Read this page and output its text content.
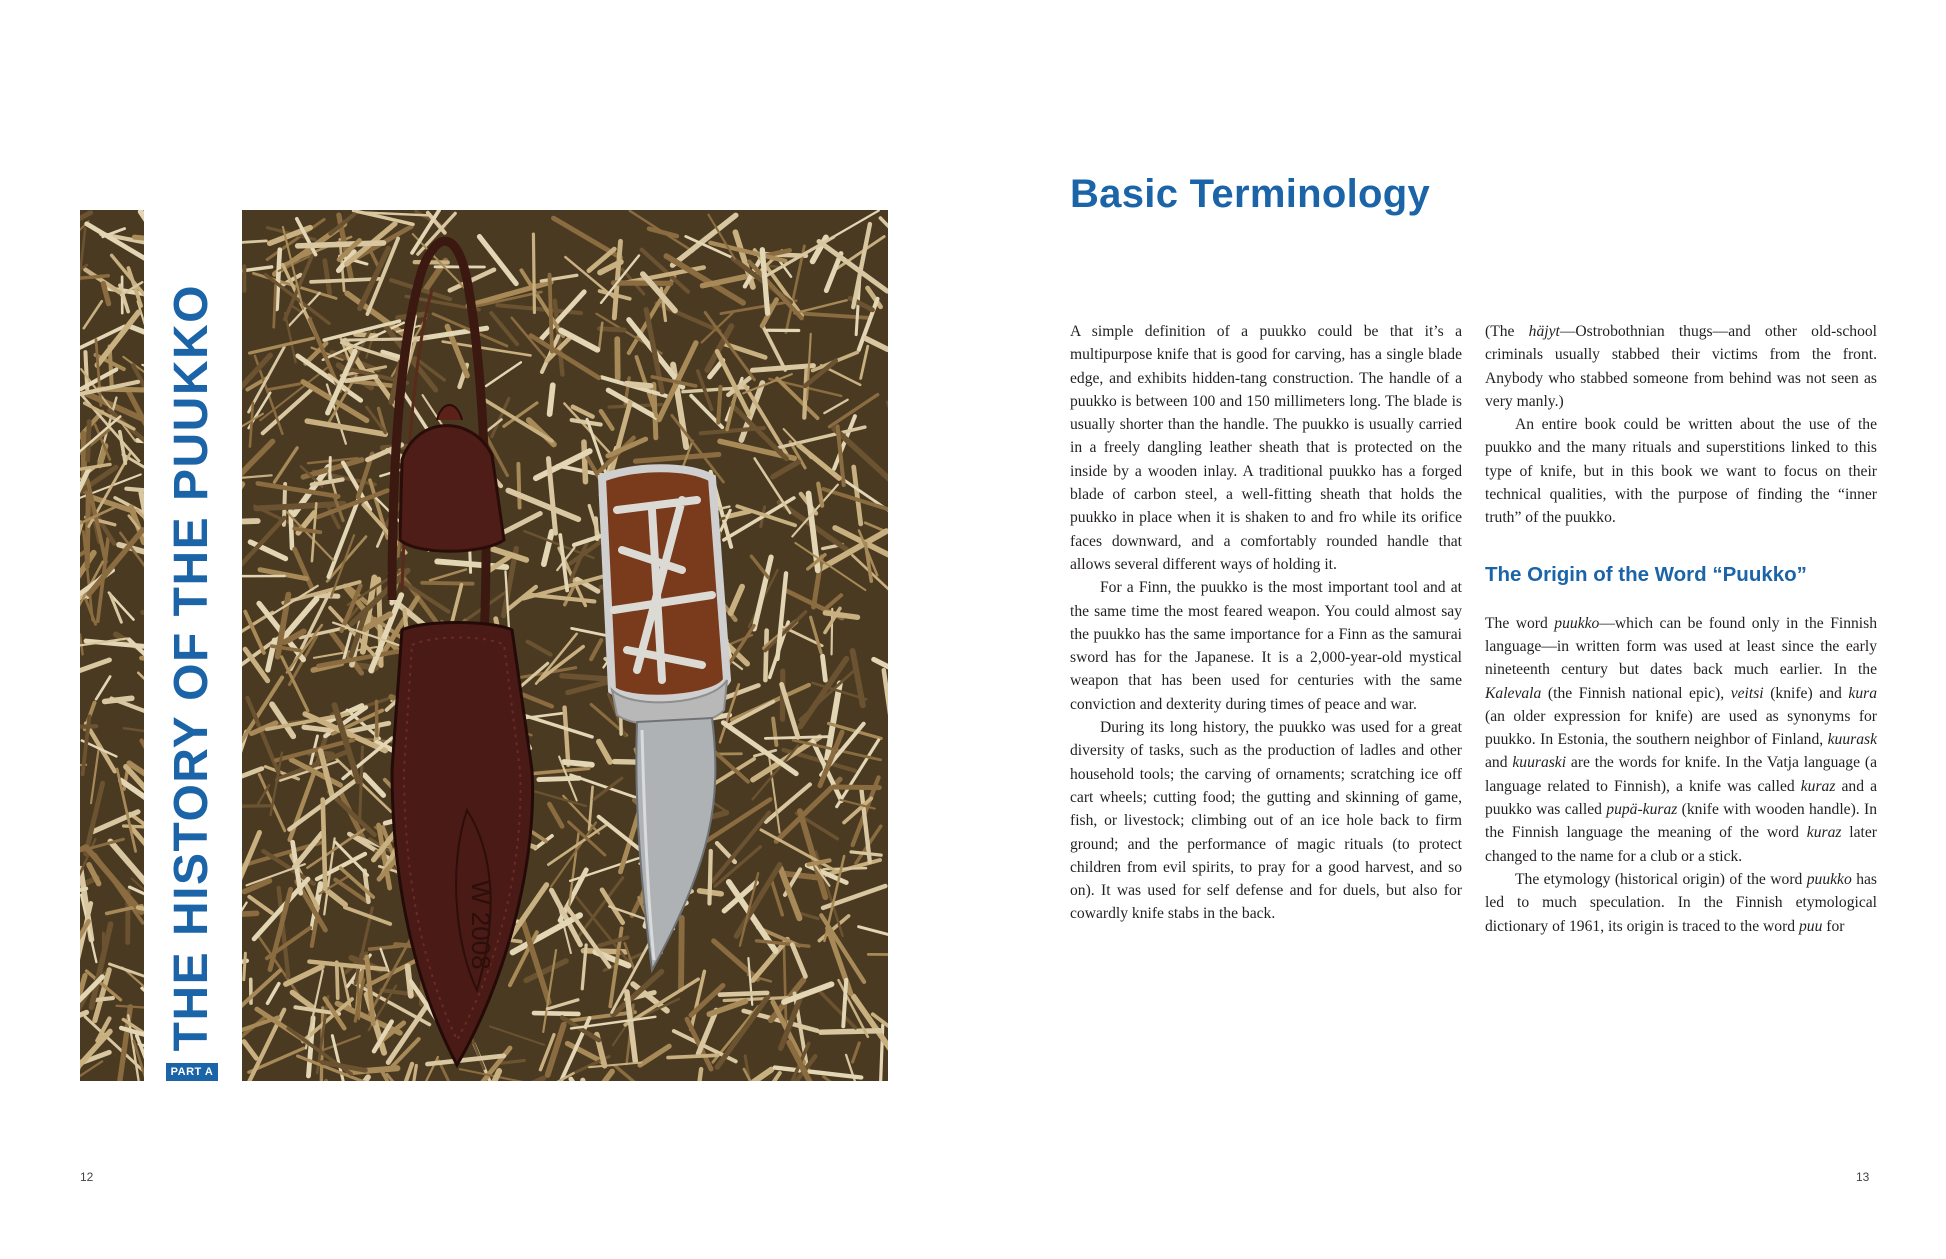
THE HISTORY OF THE PUUKKO
PART A
W 2008
12
Basic Terminology

A simple definition of a puukko could be that it’s a multipurpose knife that is good for carving, has a single blade edge, and exhibits hidden-tang construction. The handle of a puukko is between 100 and 150 millimeters long. The blade is usually shorter than the handle. The puukko is usually carried in a freely dangling leather sheath that is protected on the inside by a wooden inlay. A traditional puukko has a forged blade of carbon steel, a well-fitting sheath that holds the puukko in place when it is shaken to and fro while its orifice faces downward, and a comfortably rounded handle that allows several different ways of holding it.

For a Finn, the puukko is the most important tool and at the same time the most feared weapon. You could almost say the puukko has the same importance for a Finn as the samurai sword has for the Japanese. It is a 2,000-year-old mystical weapon that has been used for centuries with the same conviction and dexterity during times of peace and war.

During its long history, the puukko was used for a great diversity of tasks, such as the production of ladles and other household tools; the carving of ornaments; scratching ice off cart wheels; cutting food; the gutting and skinning of game, fish, or livestock; climbing out of an ice hole back to firm ground; and the performance of magic rituals (to protect children from evil spirits, to pray for a good harvest, and so on). It was used for self defense and for duels, but also for cowardly knife stabs in the back.

(The häjyt—Ostrobothnian thugs—and other old-school criminals usually stabbed their victims from the front. Anybody who stabbed someone from behind was not seen as very manly.)

An entire book could be written about the use of the puukko and the many rituals and superstitions linked to this type of knife, but in this book we want to focus on their technical qualities, with the purpose of finding the “inner truth” of the puukko.

The Origin of the Word “Puukko”

The word puukko—which can be found only in the Finnish language—in written form was used at least since the early nineteenth century but dates back much earlier. In the Kalevala (the Finnish national epic), veitsi (knife) and kura (an older expression for knife) are used as synonyms for puukko. In Estonia, the southern neighbor of Finland, kuurask and kuuraski are the words for knife. In the Vatja language (a language related to Finnish), a knife was called kuraz and a puukko was called pupä-kuraz (knife with wooden handle). In the Finnish language the meaning of the word kuraz later changed to the name for a club or a stick.

The etymology (historical origin) of the word puukko has led to much speculation. In the Finnish etymological dictionary of 1961, its origin is traced to the word puu for

13
